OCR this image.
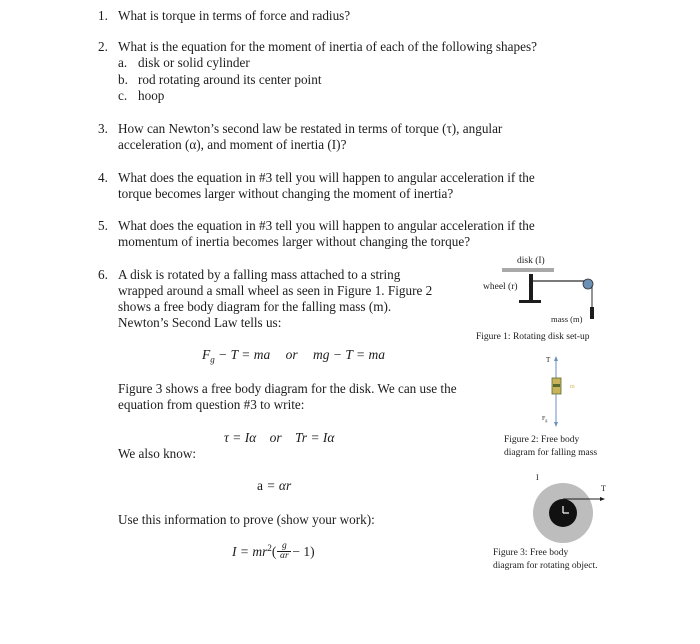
1. What is torque in terms of force and radius?
2. What is the equation for the moment of inertia of each of the following shapes?
a. disk or solid cylinder
b. rod rotating around its center point
c. hoop
3. How can Newton’s second law be restated in terms of torque (τ), angular
acceleration (α), and moment of inertia (I)?
4. What does the equation in #3 tell you will happen to angular acceleration if the
torque becomes larger without changing the moment of inertia?
5. What does the equation in #3 tell you will happen to angular acceleration if the
momentum of inertia becomes larger without changing the torque?
6. A disk is rotated by a falling mass attached to a string
wrapped around a small wheel as seen in Figure 1. Figure 2
shows a free body diagram for the falling mass (m).
Newton’s Second Law tells us:
$F_g - T$ = ma or mg − T = ma
Figure 3 shows a free body diagram for the disk. We can use the
equation from question #3 to write:
τ = Iα or Tr = Iα
We also know:
a = αr
Use this information to prove (show your work):
$I = mr^2$ ( g
αr − 1)
disk (I)
wheel (r)
mass (m)
Figure 1: Rotating disk set-up
T
m
$F_g$
Figure 2: Free body
diagram for falling mass
I
T
Figure 3: Free body
diagram for rotating object.
